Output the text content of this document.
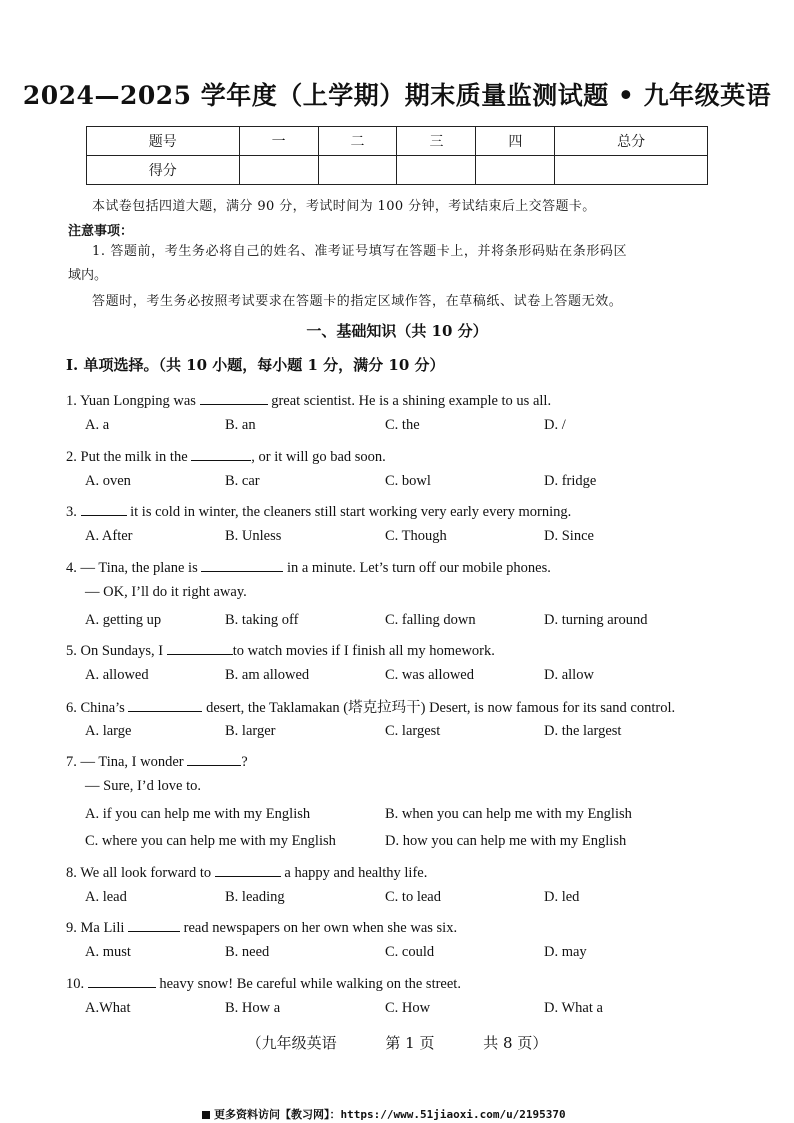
2024—2025 学年度（上学期）期末质量监测试题 • 九年级英语
题号	一	二	三	四	总分
得分					
本试卷包括四道大题，满分 90 分，考试时间为 100 分钟，考试结束后上交答题卡。
注意事项：
1. 答题前，考生务必将自己的姓名、准考证号填写在答题卡上，并将条形码贴在条形码区
域内。
答题时，考生务必按照考试要求在答题卡的指定区域作答，在草稿纸、试卷上答题无效。
一、基础知识（共 10 分）
I. 单项选择。（共 10 小题，每小题 1 分，满分 10 分）
1. Yuan Longping was	great scientist. He is a shining example to us all.
A. a	B. an	C. the	D. /
2. Put the milk in the	, or it will go bad soon.
A. oven	B. car	C. bowl	D. fridge
3.	it is cold in winter, the cleaners still start working very early every morning.
A. After	B. Unless	C. Though	D. Since
4. — Tina, the plane is	in a minute. Let’s turn off our mobile phones.
— OK, I’ll do it right away.
A. getting up	B. taking off	C. falling down	D. turning around
5. On Sundays, I	to watch movies if I finish all my homework.
A. allowed	B. am allowed	C. was allowed	D. allow
6. China’s	desert, the Taklamakan (塔克拉玛干) Desert, is now famous for its sand control.
A. large	B. larger	C. largest	D. the largest
7. — Tina, I wonder	?
— Sure, I’d love to.
A. if you can help me with my English	B. when you can help me with my English
C. where you can help me with my English	D. how you can help me with my English
8. We all look forward to	a happy and healthy life.
A. lead	B. leading	C. to lead	D. led
9. Ma Lili	read newspapers on her own when she was six.
A. must	B. need	C. could	D. may
10.	heavy snow! Be careful while walking on the street.
A.What	B. How a	C. How	D. What a
（九年级英语	第 1 页	共 8 页）
更多资料访问【教习网】：https://www.51jiaoxi.com/u/2195370
